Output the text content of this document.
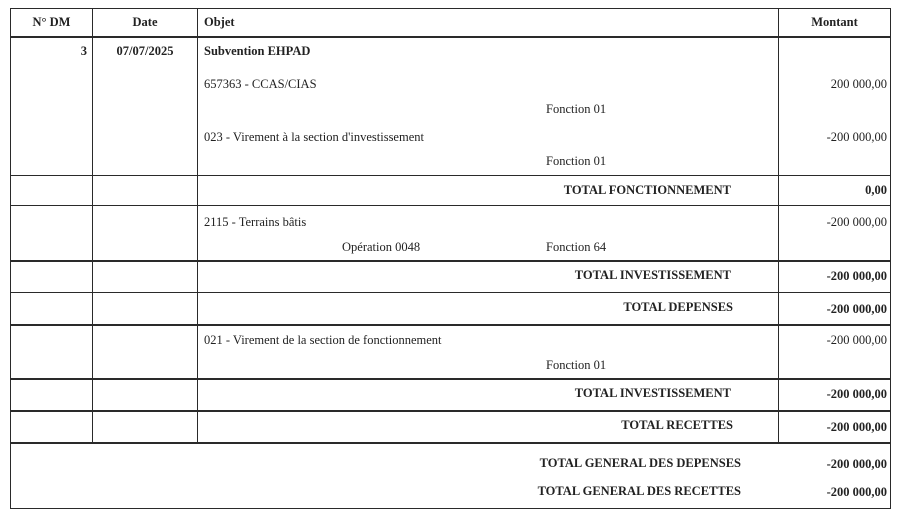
N° DM	Date	Objet	Montant
3	07/07/2025	Subvention EHPAD
657363 - CCAS/CIAS	200 000,00
Fonction 01
023 - Virement à la section d'investissement	-200 000,00
Fonction 01
TOTAL FONCTIONNEMENT	0,00
2115 - Terrains bâtis	-200 000,00
Opération 0048	Fonction 64
TOTAL INVESTISSEMENT	-200 000,00
TOTAL DEPENSES	-200 000,00
021 - Virement de la section de fonctionnement	-200 000,00
Fonction 01
TOTAL INVESTISSEMENT	-200 000,00
TOTAL RECETTES	-200 000,00
TOTAL GENERAL DES DEPENSES	-200 000,00
TOTAL GENERAL DES RECETTES	-200 000,00
